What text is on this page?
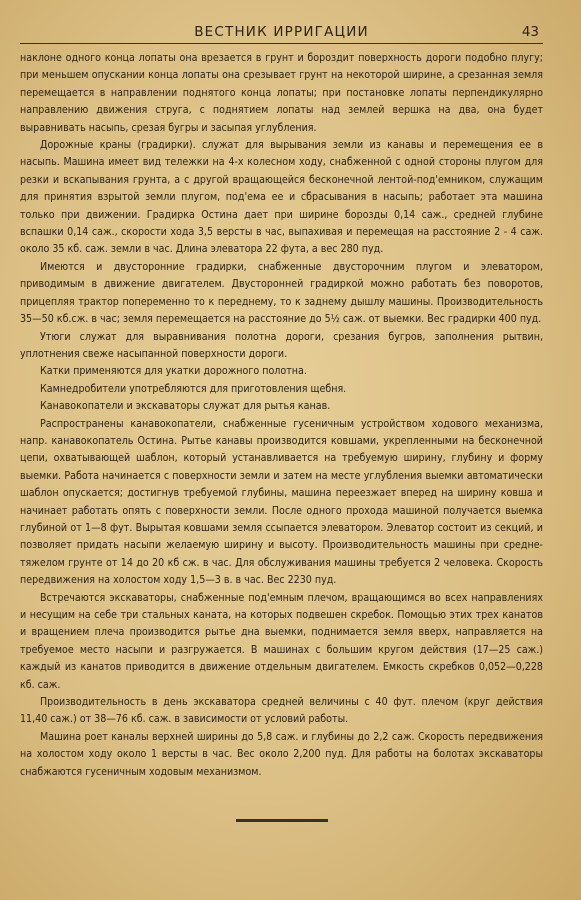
ВЕСТНИК ИРРИГАЦИИ	43

наклоне одного конца лопаты она врезается в грунт и бороздит поверхность дороги подобно плугу; при меньшем опускании конца лопаты она срезывает грунт на некоторой ширине, а срезанная земля перемещается в направлении поднятого конца лопаты; при постановке лопаты перпендикулярно направлению движения струга, с поднятием лопаты над землей вершка на два, она будет выравнивать насыпь, срезая бугры и засыпая углубления.

Дорожные краны (градирки). служат для вырывания земли из канавы и перемещения ее в насыпь. Машина имеет вид тележки на 4-х колесном ходу, снабженной с одной стороны плугом для резки и вскапывания грунта, а с другой вращающейся бесконечной лентой-под'емником, служащим для принятия взрытой земли плугом, под'ема ее и сбрасывания в насыпь; работает эта машина только при движении. Градирка Остина дает при ширине борозды 0,14 саж., средней глубине вспашки 0,14 саж., скорости хода 3,5 версты в час, выпахивая и перемещая на расстояние 2 - 4 саж. около 35 кб. саж. земли в час. Длина элеватора 22 фута, а вес 280 пуд.

Имеются и двусторонние градирки, снабженные двусторочним плугом и элеватором, приводимым в движение двигателем. Двусторонней градиркой можно работать без поворотов, прицепляя трактор попеременно то к переднему, то к заднему дышлу машины. Производительность 35—50 кб.сж. в час; земля перемещается на расстояние до 5½ саж. от выемки. Вес градирки 400 пуд.

Утюги служат для выравнивания полотна дороги, срезания бугров, заполнения рытвин, уплотнения свеже насыпанной поверхности дороги.

Катки применяются для укатки дорожного полотна.

Камнедробители употребляются для приготовления щебня.

Канавокопатели и экскаваторы служат для рытья канав.

Распространены канавокопатели, снабженные гусеничным устройством ходового механизма, напр. канавокопатель Остина. Рытье канавы производится ковшами, укрепленными на бесконечной цепи, охватывающей шаблон, который устанавливается на требуемую ширину, глубину и форму выемки. Работа начинается с поверхности земли и затем на месте углубления выемки автоматически шаблон опускается; достигнув требуемой глубины, машина переезжает вперед на ширину ковша и начинает работать опять с поверхности земли. После одного прохода машиной получается выемка глубиной от 1—8 фут. Вырытая ковшами земля ссыпается элеватором. Элеватор состоит из секций, и позволяет придать насыпи желаемую ширину и высоту. Производительность машины при средне-тяжелом грунте от 14 до 20 кб сж. в час. Для обслуживания машины требуется 2 человека. Скорость передвижения на холостом ходу 1,5—3 в. в час. Вес 2230 пуд.

Встречаются экскаваторы, снабженные под'емным плечом, вращающимся во всех направлениях и несущим на себе три стальных каната, на которых подвешен скребок. Помощью этих трех канатов и вращением плеча производится рытье дна выемки, поднимается земля вверх, направляется на требуемое место насыпи и разгружается. В машинах с большим кругом действия (17—25 саж.) каждый из канатов приводится в движение отдельным двигателем. Емкость скребков 0,052—0,228 кб. саж.

Производительность в день экскаватора средней величины с 40 фут. плечом (круг действия 11,40 саж.) от 38—76 кб. саж. в зависимости от условий работы.

Машина роет каналы верхней ширины до 5,8 саж. и глубины до 2,2 саж. Скорость передвижения на холостом ходу около 1 версты в час. Вес около 2,200 пуд. Для работы на болотах экскаваторы снабжаются гусеничным ходовым механизмом.
